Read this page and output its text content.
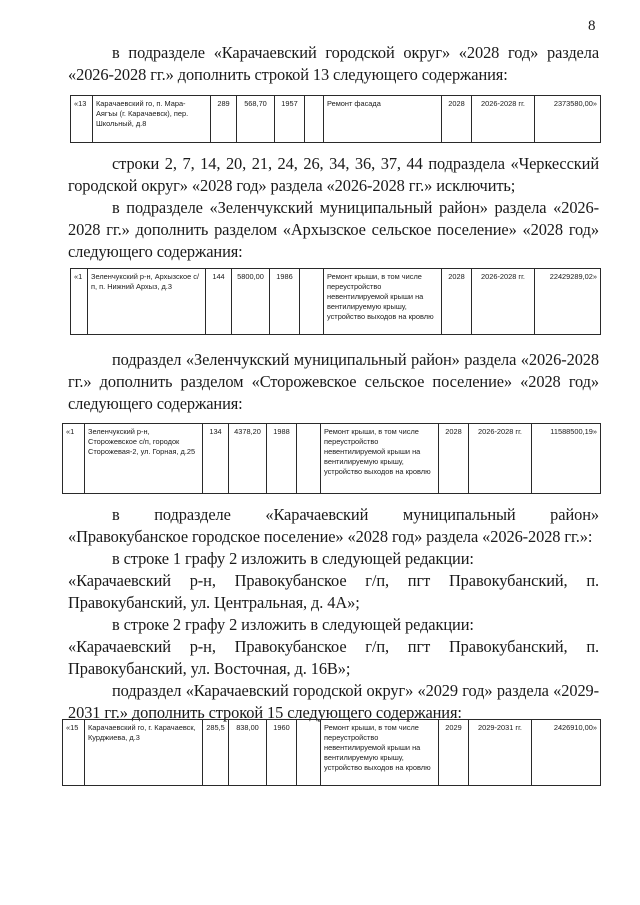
8

в подразделе «Карачаевский городской округ» «2028 год» раздела «2026-2028 гг.» дополнить строкой 13 следующего содержания:

«13	Карачаевский го, п. Мара-Аягъы (г. Карачаевск), пер. Школьный, д.8	289	568,70	1957		Ремонт фасада	2028	2026-2028 гг.	2373580,00»

строки 2, 7, 14, 20, 21, 24, 26, 34, 36, 37, 44 подраздела «Черкесский городской округ» «2028 год» раздела «2026-2028 гг.» исключить;

в подразделе «Зеленчукский муниципальный район» раздела «2026-2028 гг.» дополнить разделом «Архызское сельское поселение» «2028 год» следующего содержания:

«1	Зеленчукский р-н, Архызское с/п, п. Нижний Архыз, д.3	144	5800,00	1986		Ремонт крыши, в том числе переустройство невентилируемой крыши на вентилируемую крышу, устройство выходов на кровлю	2028	2026-2028 гг.	22429289,02»

подраздел «Зеленчукский муниципальный район» раздела «2026-2028 гг.» дополнить разделом «Сторожевское сельское поселение» «2028 год» следующего содержания:

«1	Зеленчукский р-н, Сторожевское с/п, городок Сторожевая-2, ул. Горная, д.25	134	4378,20	1988		Ремонт крыши, в том числе переустройство невентилируемой крыши на вентилируемую крышу, устройство выходов на кровлю	2028	2026-2028 гг.	11588500,19»

в подразделе «Карачаевский муниципальный район» «Правокубанское городское поселение» «2028 год» раздела «2026-2028 гг.»:

в строке 1 графу 2 изложить в следующей редакции:

«Карачаевский р-н, Правокубанское г/п, пгт Правокубанский, п. Правокубанский, ул. Центральная, д. 4А»;

в строке 2 графу 2 изложить в следующей редакции:

«Карачаевский р-н, Правокубанское г/п, пгт Правокубанский, п. Правокубанский, ул. Восточная, д. 16В»;

подраздел «Карачаевский городской округ» «2029 год» раздела «2029-2031 гг.» дополнить строкой 15 следующего содержания:

«15	Карачаевский го, г. Карачаевск, Курджиева, д.3	285,5	838,00	1960		Ремонт крыши, в том числе переустройство невентилируемой крыши на вентилируемую крышу, устройство выходов на кровлю	2029	2029-2031 гг.	2426910,00»
